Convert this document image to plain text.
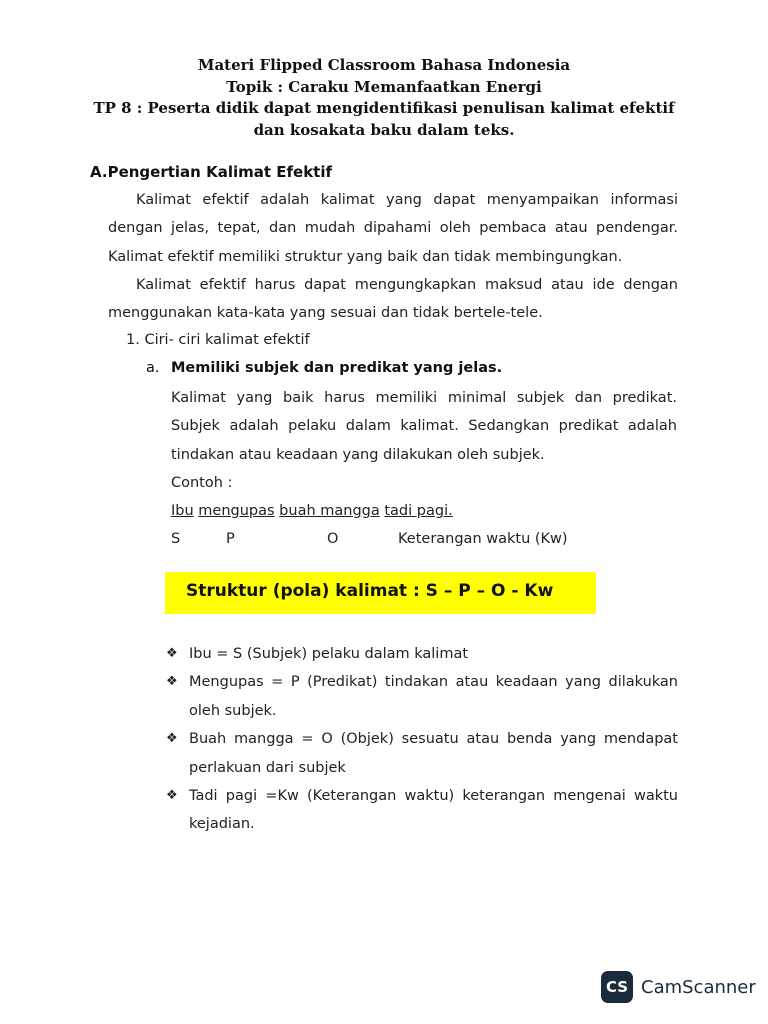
Materi Flipped Classroom Bahasa Indonesia
Topik : Caraku Memanfaatkan Energi
TP 8 : Peserta didik dapat mengidentifikasi penulisan kalimat efektif
dan kosakata baku dalam teks.
A.Pengertian Kalimat Efektif
Kalimat efektif adalah kalimat yang dapat menyampaikan informasi
dengan jelas, tepat, dan mudah dipahami oleh pembaca atau pendengar.
Kalimat efektif memiliki struktur yang baik dan tidak membingungkan.
Kalimat efektif harus dapat mengungkapkan maksud atau ide dengan
menggunakan kata-kata yang sesuai dan tidak bertele-tele.
1. Ciri- ciri kalimat efektif
a. Memiliki subjek dan predikat yang jelas.
Kalimat yang baik harus memiliki minimal subjek dan predikat.
Subjek adalah pelaku dalam kalimat. Sedangkan predikat adalah
tindakan atau keadaan yang dilakukan oleh subjek.
Contoh :
Ibu mengupas buah mangga tadi pagi.
S	P	O	Keterangan waktu (Kw)
Struktur (pola) kalimat : S – P – O - Kw
❖ Ibu = S (Subjek) pelaku dalam kalimat
❖ Mengupas = P (Predikat) tindakan atau keadaan yang dilakukan
oleh subjek.
❖ Buah mangga = O (Objek) sesuatu atau benda yang mendapat
perlakuan dari subjek
❖ Tadi pagi =Kw (Keterangan waktu) keterangan mengenai waktu
kejadian.
CS CamScanner
